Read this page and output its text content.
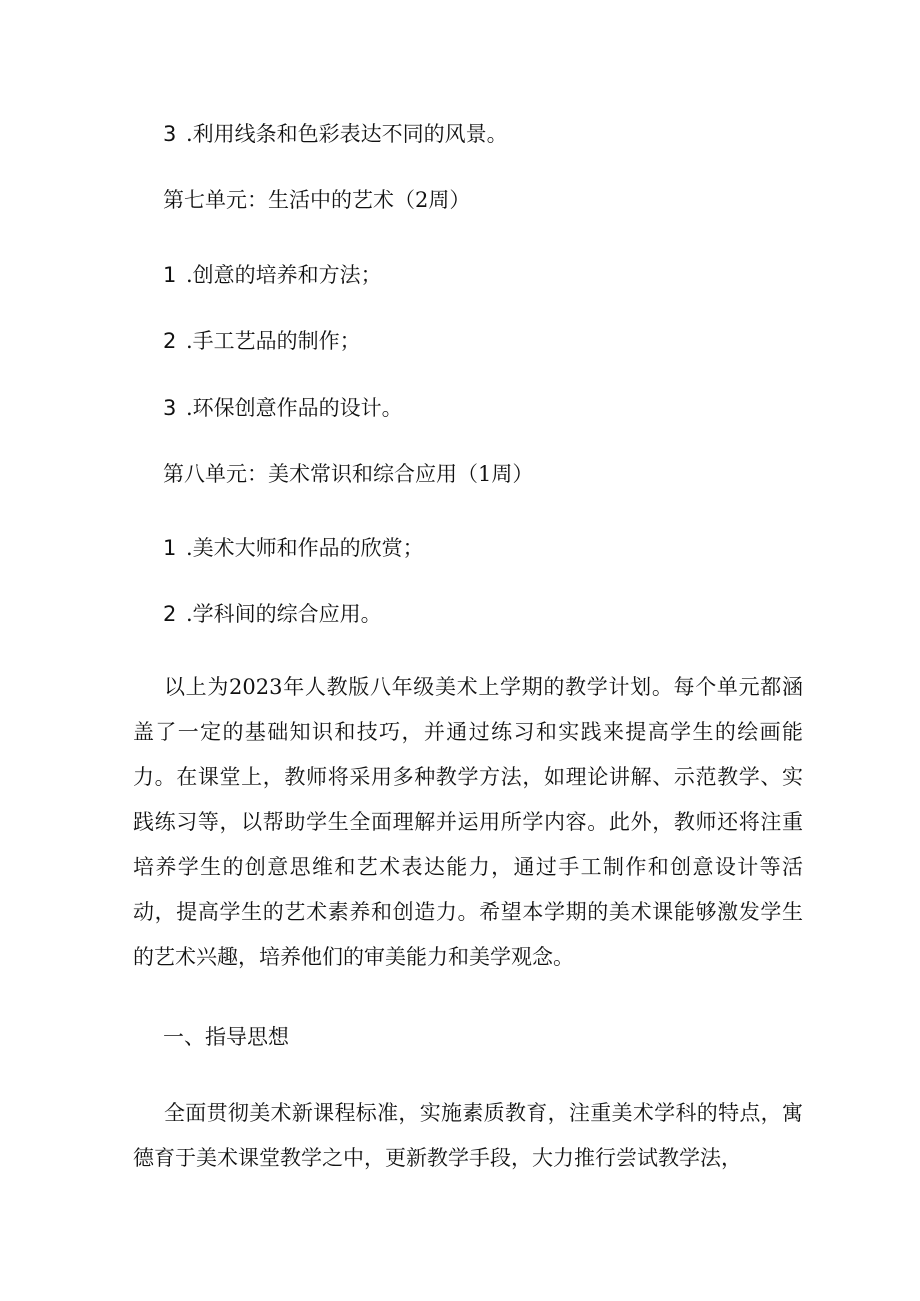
3 .利用线条和色彩表达不同的风景。
第七单元：生活中的艺术（2周）
1 .创意的培养和方法；
2 .手工艺品的制作；
3 .环保创意作品的设计。
第八单元：美术常识和综合应用（1周）
1 .美术大师和作品的欣赏；
2 .学科间的综合应用。
以上为2023年人教版八年级美术上学期的教学计划。每个单元都涵盖了一定的基础知识和技巧，并通过练习和实践来提高学生的绘画能力。在课堂上，教师将采用多种教学方法，如理论讲解、示范教学、实践练习等，以帮助学生全面理解并运用所学内容。此外，教师还将注重培养学生的创意思维和艺术表达能力，通过手工制作和创意设计等活动，提高学生的艺术素养和创造力。希望本学期的美术课能够激发学生的艺术兴趣，培养他们的审美能力和美学观念。
一、指导思想
全面贯彻美术新课程标准，实施素质教育，注重美术学科的特点，寓德育于美术课堂教学之中，更新教学手段，大力推行尝试教学法，
